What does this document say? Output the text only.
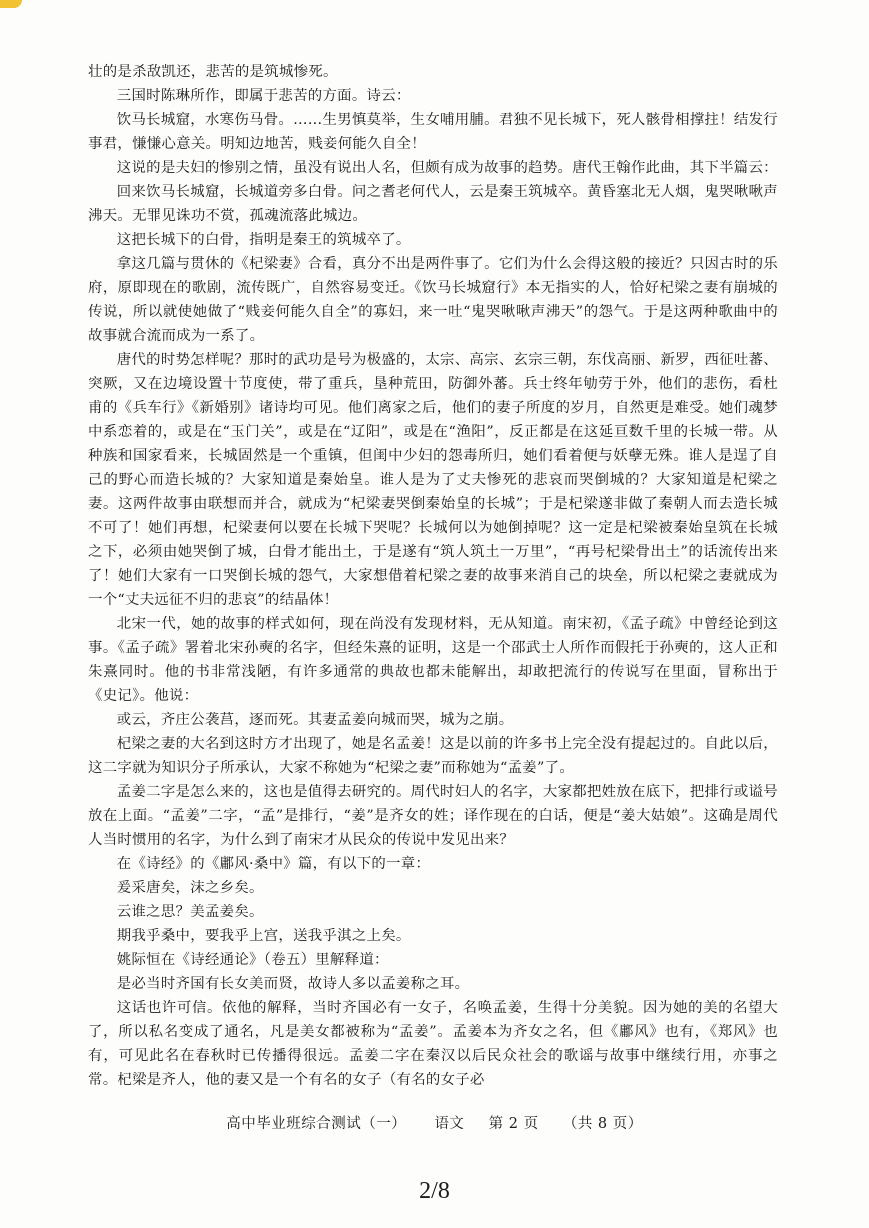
壮的是杀敌凯还，悲苦的是筑城惨死。

三国时陈琳所作，即属于悲苦的方面。诗云：

饮马长城窟，水寒伤马骨。……生男慎莫举，生女哺用脯。君独不见长城下，死人骸骨相撑拄！结发行事君，慊慊心意关。明知边地苦，贱妾何能久自全！

这说的是夫妇的惨别之情，虽没有说出人名，但颇有成为故事的趋势。唐代王翰作此曲，其下半篇云：

回来饮马长城窟，长城道旁多白骨。问之耆老何代人，云是秦王筑城卒。黄昏塞北无人烟，鬼哭啾啾声沸天。无罪见诛功不赏，孤魂流落此城边。

这把长城下的白骨，指明是秦王的筑城卒了。

拿这几篇与贯休的《杞梁妻》合看，真分不出是两件事了。它们为什么会得这般的接近？只因古时的乐府，原即现在的歌剧，流传既广，自然容易变迁。《饮马长城窟行》本无指实的人，恰好杞梁之妻有崩城的传说，所以就使她做了“贱妾何能久自全”的寡妇，来一吐“鬼哭啾啾声沸天”的怨气。于是这两种歌曲中的故事就合流而成为一系了。

唐代的时势怎样呢？那时的武功是号为极盛的，太宗、高宗、玄宗三朝，东伐高丽、新罗，西征吐蕃、突厥，又在边境设置十节度使，带了重兵，垦种荒田，防御外蕃。兵士终年劬劳于外，他们的悲伤，看杜甫的《兵车行》《新婚别》诸诗均可见。他们离家之后，他们的妻子所度的岁月，自然更是难受。她们魂梦中系恋着的，或是在“玉门关”，或是在“辽阳”，或是在“渔阳”，反正都是在这延亘数千里的长城一带。从种族和国家看来，长城固然是一个重镇，但闺中少妇的怨毒所归，她们看着便与妖孽无殊。谁人是逞了自己的野心而造长城的？大家知道是秦始皇。谁人是为了丈夫惨死的悲哀而哭倒城的？大家知道是杞梁之妻。这两件故事由联想而并合，就成为“杞梁妻哭倒秦始皇的长城”；于是杞梁遂非做了秦朝人而去造长城不可了！她们再想，杞梁妻何以要在长城下哭呢？长城何以为她倒掉呢？这一定是杞梁被秦始皇筑在长城之下，必须由她哭倒了城，白骨才能出土，于是遂有“筑人筑土一万里”，“再号杞梁骨出土”的话流传出来了！她们大家有一口哭倒长城的怨气，大家想借着杞梁之妻的故事来消自己的块垒，所以杞梁之妻就成为一个“丈夫远征不归的悲哀”的结晶体！

北宋一代，她的故事的样式如何，现在尚没有发现材料，无从知道。南宋初，《孟子疏》中曾经论到这事。《孟子疏》署着北宋孙奭的名字，但经朱熹的证明，这是一个邵武士人所作而假托于孙奭的，这人正和朱熹同时。他的书非常浅陋，有许多通常的典故也都未能解出，却敢把流行的传说写在里面，冒称出于《史记》。他说：

或云，齐庄公袭莒，逐而死。其妻孟姜向城而哭，城为之崩。

杞梁之妻的大名到这时方才出现了，她是名孟姜！这是以前的许多书上完全没有提起过的。自此以后，这二字就为知识分子所承认，大家不称她为“杞梁之妻”而称她为“孟姜”了。

孟姜二字是怎么来的，这也是值得去研究的。周代时妇人的名字，大家都把姓放在底下，把排行或谥号放在上面。“孟姜”二字，“孟”是排行，“姜”是齐女的姓；译作现在的白话，便是“姜大姑娘”。这确是周代人当时惯用的名字，为什么到了南宋才从民众的传说中发见出来？

在《诗经》的《鄘风·桑中》篇，有以下的一章：

爰采唐矣，沫之乡矣。

云谁之思？美孟姜矣。

期我乎桑中，要我乎上宫，送我乎淇之上矣。

姚际恒在《诗经通论》（卷五）里解释道：

是必当时齐国有长女美而贤，故诗人多以孟姜称之耳。

这话也许可信。依他的解释，当时齐国必有一女子，名唤孟姜，生得十分美貌。因为她的美的名望大了，所以私名变成了通名，凡是美女都被称为“孟姜”。孟姜本为齐女之名，但《鄘风》也有，《郑风》也有，可见此名在春秋时已传播得很远。孟姜二字在秦汉以后民众社会的歌谣与故事中继续行用，亦事之常。杞梁是齐人，他的妻又是一个有名的女子（有名的女子必

高中毕业班综合测试（一） 语文 第 2 页 （共 8 页）
2/8
